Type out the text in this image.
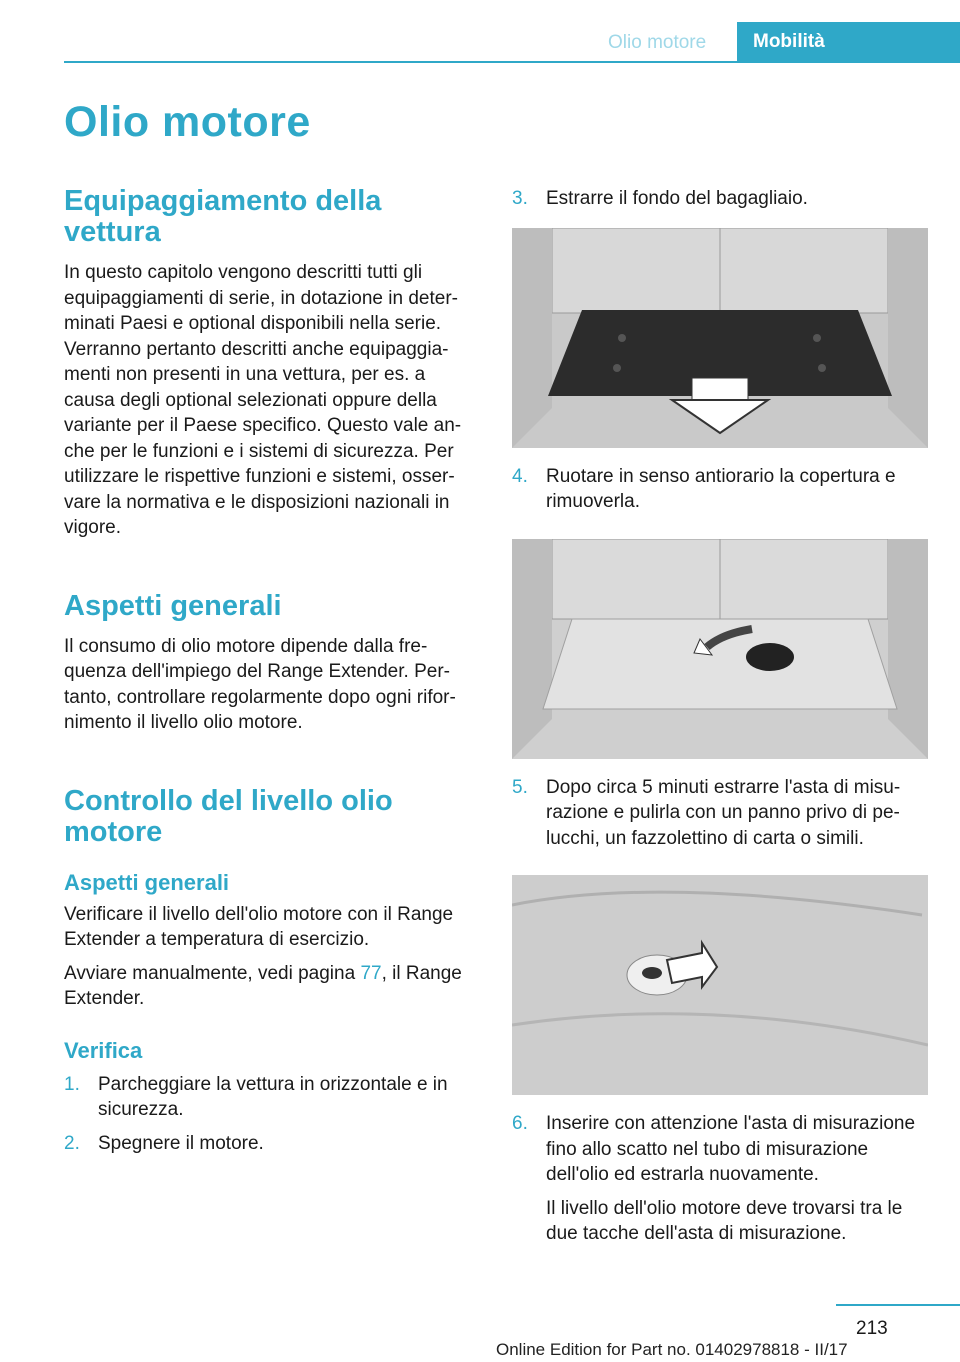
Olio motore	Mobilità
Olio motore
Equipaggiamento della vettura

In questo capitolo vengono descritti tutti gli equipaggiamenti di serie, in dotazione in determinati Paesi e optional disponibili nella serie. Verranno pertanto descritti anche equipaggiamenti non presenti in una vettura, per es. a causa degli optional selezionati oppure della variante per il Paese specifico. Questo vale anche per le funzioni e i sistemi di sicurezza. Per utilizzare le rispettive funzioni e sistemi, osservare la normativa e le disposizioni nazionali in vigore.

Aspetti generali

Il consumo di olio motore dipende dalla frequenza dell'impiego del Range Extender. Pertanto, controllare regolarmente dopo ogni rifornimento il livello olio motore.

Controllo del livello olio motore
Aspetti generali

Verificare il livello dell'olio motore con il Range Extender a temperatura di esercizio.

Avviare manualmente, vedi pagina 77, il Range Extender.

Verifica
1. Parcheggiare la vettura in orizzontale e in sicurezza.
2. Spegnere il motore.
3. Estrarre il fondo del bagagliaio.
4. Ruotare in senso antiorario la copertura e rimuoverla.
5. Dopo circa 5 minuti estrarre l'asta di misurazione e pulirla con un panno privo di pelucchi, un fazzolettino di carta o simili.
6. Inserire con attenzione l'asta di misurazione fino allo scatto nel tubo di misurazione dell'olio ed estrarla nuovamente.

Il livello dell'olio motore deve trovarsi tra le due tacche dell'asta di misurazione.

213
Online Edition for Part no. 01402978818 - II/17
